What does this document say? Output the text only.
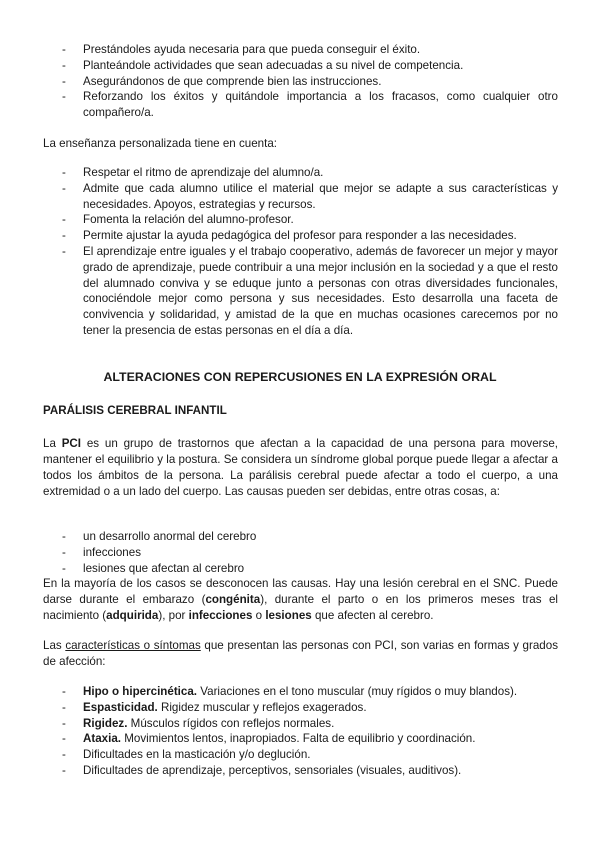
- Prestándoles ayuda necesaria para que pueda conseguir el éxito.
- Planteándole actividades que sean adecuadas a su nivel de competencia.
- Asegurándonos de que comprende bien las instrucciones.
- Reforzando los éxitos y quitándole importancia a los fracasos, como cualquier otro compañero/a.
La enseñanza personalizada tiene en cuenta:
- Respetar el ritmo de aprendizaje del alumno/a.
- Admite que cada alumno utilice el material que mejor se adapte a sus características y necesidades. Apoyos, estrategias y recursos.
- Fomenta la relación del alumno-profesor.
- Permite ajustar la ayuda pedagógica del profesor para responder a las necesidades.
- El aprendizaje entre iguales y el trabajo cooperativo, además de favorecer un mejor y mayor grado de aprendizaje, puede contribuir a una mejor inclusión en la sociedad y a que el resto del alumnado conviva y se eduque junto a personas con otras diversidades funcionales, conociéndole mejor como persona y sus necesidades. Esto desarrolla una faceta de convivencia y solidaridad, y amistad de la que en muchas ocasiones carecemos por no tener la presencia de estas personas en el día a día.
ALTERACIONES CON REPERCUSIONES EN LA EXPRESIÓN ORAL
PARÁLISIS CEREBRAL INFANTIL
La PCI es un grupo de trastornos que afectan a la capacidad de una persona para moverse, mantener el equilibrio y la postura. Se considera un síndrome global porque puede llegar a afectar a todos los ámbitos de la persona. La parálisis cerebral puede afectar a todo el cuerpo, a una extremidad o a un lado del cuerpo. Las causas pueden ser debidas, entre otras cosas, a:
- un desarrollo anormal del cerebro
- infecciones
- lesiones que afectan al cerebro
En la mayoría de los casos se desconocen las causas. Hay una lesión cerebral en el SNC. Puede darse durante el embarazo (congénita), durante el parto o en los primeros meses tras el nacimiento (adquirida), por infecciones o lesiones que afecten al cerebro.
Las características o síntomas que presentan las personas con PCI, son varias en formas y grados de afección:
- Hipo o hipercinética. Variaciones en el tono muscular (muy rígidos o muy blandos).
- Espasticidad. Rigidez muscular y reflejos exagerados.
- Rigidez. Músculos rígidos con reflejos normales.
- Ataxia. Movimientos lentos, inapropiados. Falta de equilibrio y coordinación.
- Dificultades en la masticación y/o deglución.
- Dificultades de aprendizaje, perceptivos, sensoriales (visuales, auditivos).
